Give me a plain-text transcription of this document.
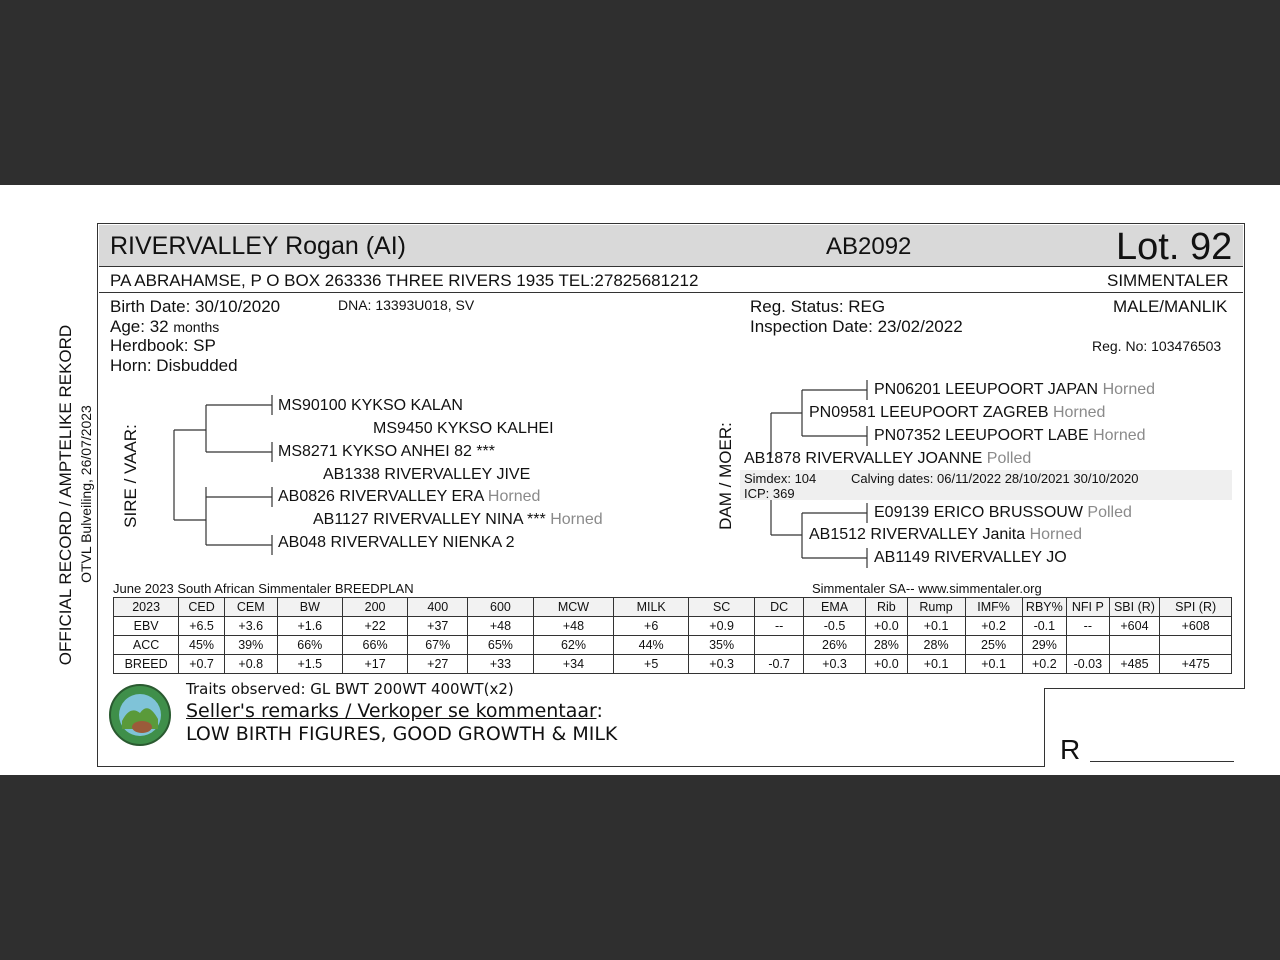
RIVERVALLEY Rogan (AI)	AB2092	Lot. 92
PA ABRAHAMSE, P O BOX 263336 THREE RIVERS 1935 TEL:27825681212	SIMMENTALER
Birth Date: 30/10/2020	DNA: 13393U018, SV
Age: 32 months
Herdbook: SP
Horn: Disbudded
Reg. Status: REG
Inspection Date: 23/02/2022
MALE/MANLIK
Reg. No: 103476503
OFFICIAL RECORD / AMPTELIKE REKORD OTVL Bulveiling, 26/07/2023 SIRE / VAAR:	DAM / MOER:
MS90100 KYKSO KALAN
MS9450 KYKSO KALHEI
MS8271 KYKSO ANHEI 82 ***
AB1338 RIVERVALLEY JIVE
AB0826 RIVERVALLEY ERA Horned
AB1127 RIVERVALLEY NINA *** Horned
AB048 RIVERVALLEY NIENKA 2
PN06201 LEEUPOORT JAPAN Horned
PN09581 LEEUPOORT ZAGREB Horned
PN07352 LEEUPOORT LABE Horned
AB1878 RIVERVALLEY JOANNE Polled
Simdex: 104	Calving dates: 06/11/2022 28/10/2021 30/10/2020
ICP: 369
E09139 ERICO BRUSSOUW Polled
AB1512 RIVERVALLEY Janita Horned
AB1149 RIVERVALLEY JO
June 2023 South African Simmentaler BREEDPLAN	Simmentaler SA-- www.simmentaler.org
2023	CED	CEM	BW	200	400	600	MCW	MILK	SC	DC	EMA	Rib	Rump	IMF%	RBY%	NFI P	SBI (R)	SPI (R)
EBV	+6.5	+3.6	+1.6	+22	+37	+48	+48	+6	+0.9	--	-0.5	+0.0	+0.1	+0.2	-0.1	--	+604	+608
ACC	45%	39%	66%	66%	67%	65%	62%	44%	35%		26%	28%	28%	25%	29%			
BREED	+0.7	+0.8	+1.5	+17	+27	+33	+34	+5	+0.3	-0.7	+0.3	+0.0	+0.1	+0.1	+0.2	-0.03	+485	+475
Traits observed: GL BWT 200WT 400WT(x2)
Seller's remarks / Verkoper se kommentaar:
LOW BIRTH FIGURES, GOOD GROWTH & MILK	R
